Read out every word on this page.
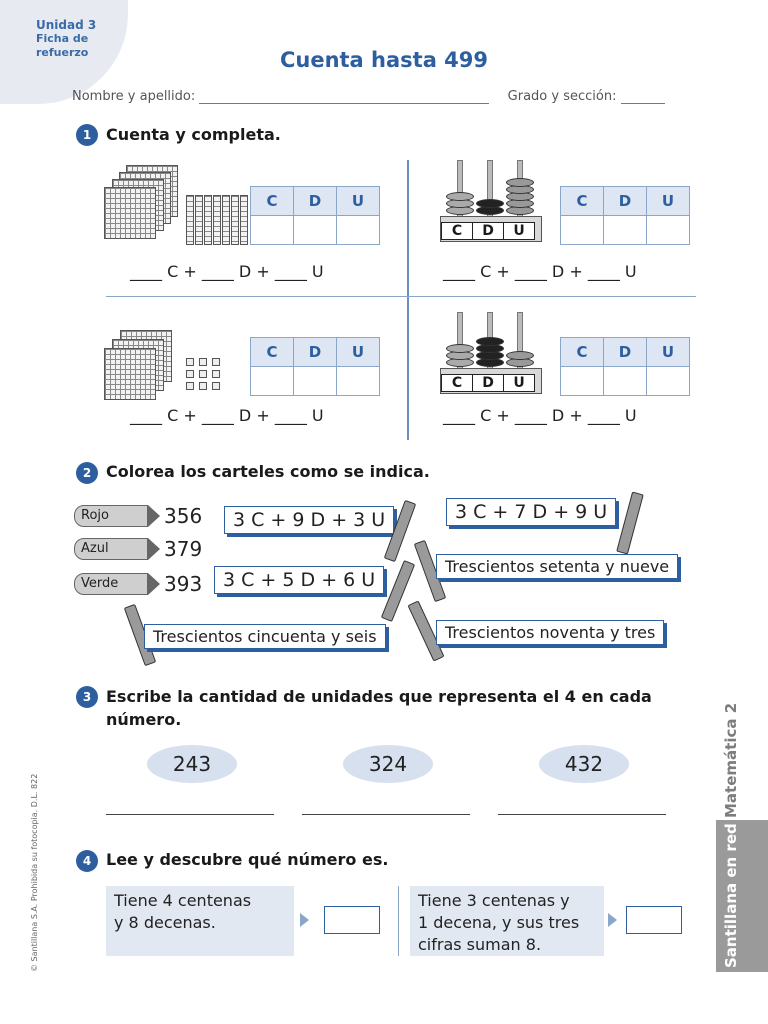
Unidad 3
Ficha de
refuerzo	Cuenta hasta 499
Nombre y apellido:	Grado y sección:
1 Cuenta y completa.
C	D	U

____ C + ____ D + ____ U
C	D	U
C	D	U

____ C + ____ D + ____ U
C	D	U

____ C + ____ D + ____ U
C	D	U
C	D	U

____ C + ____ D + ____ U
2 Colorea los carteles como se indica.
Rojo	356
Azul	379
Verde	393
3 C + 9 D + 3 U	3 C + 7 D + 9 U
Trescientos setenta y nueve
3 C + 5 D + 6 U
Trescientos noventa y tres
Trescientos cincuenta y seis
3 Escribe la cantidad de unidades que representa el 4 en cada
número.
243	324	432
4 Lee y descubre qué número es.
Tiene 4 centenas
y 8 decenas.
Tiene 3 centenas y
1 decena, y sus tres
cifras suman 8.
© Santillana S.A. Prohibida su fotocopia. D.L. 822
Matemática 2
Santillana en red
